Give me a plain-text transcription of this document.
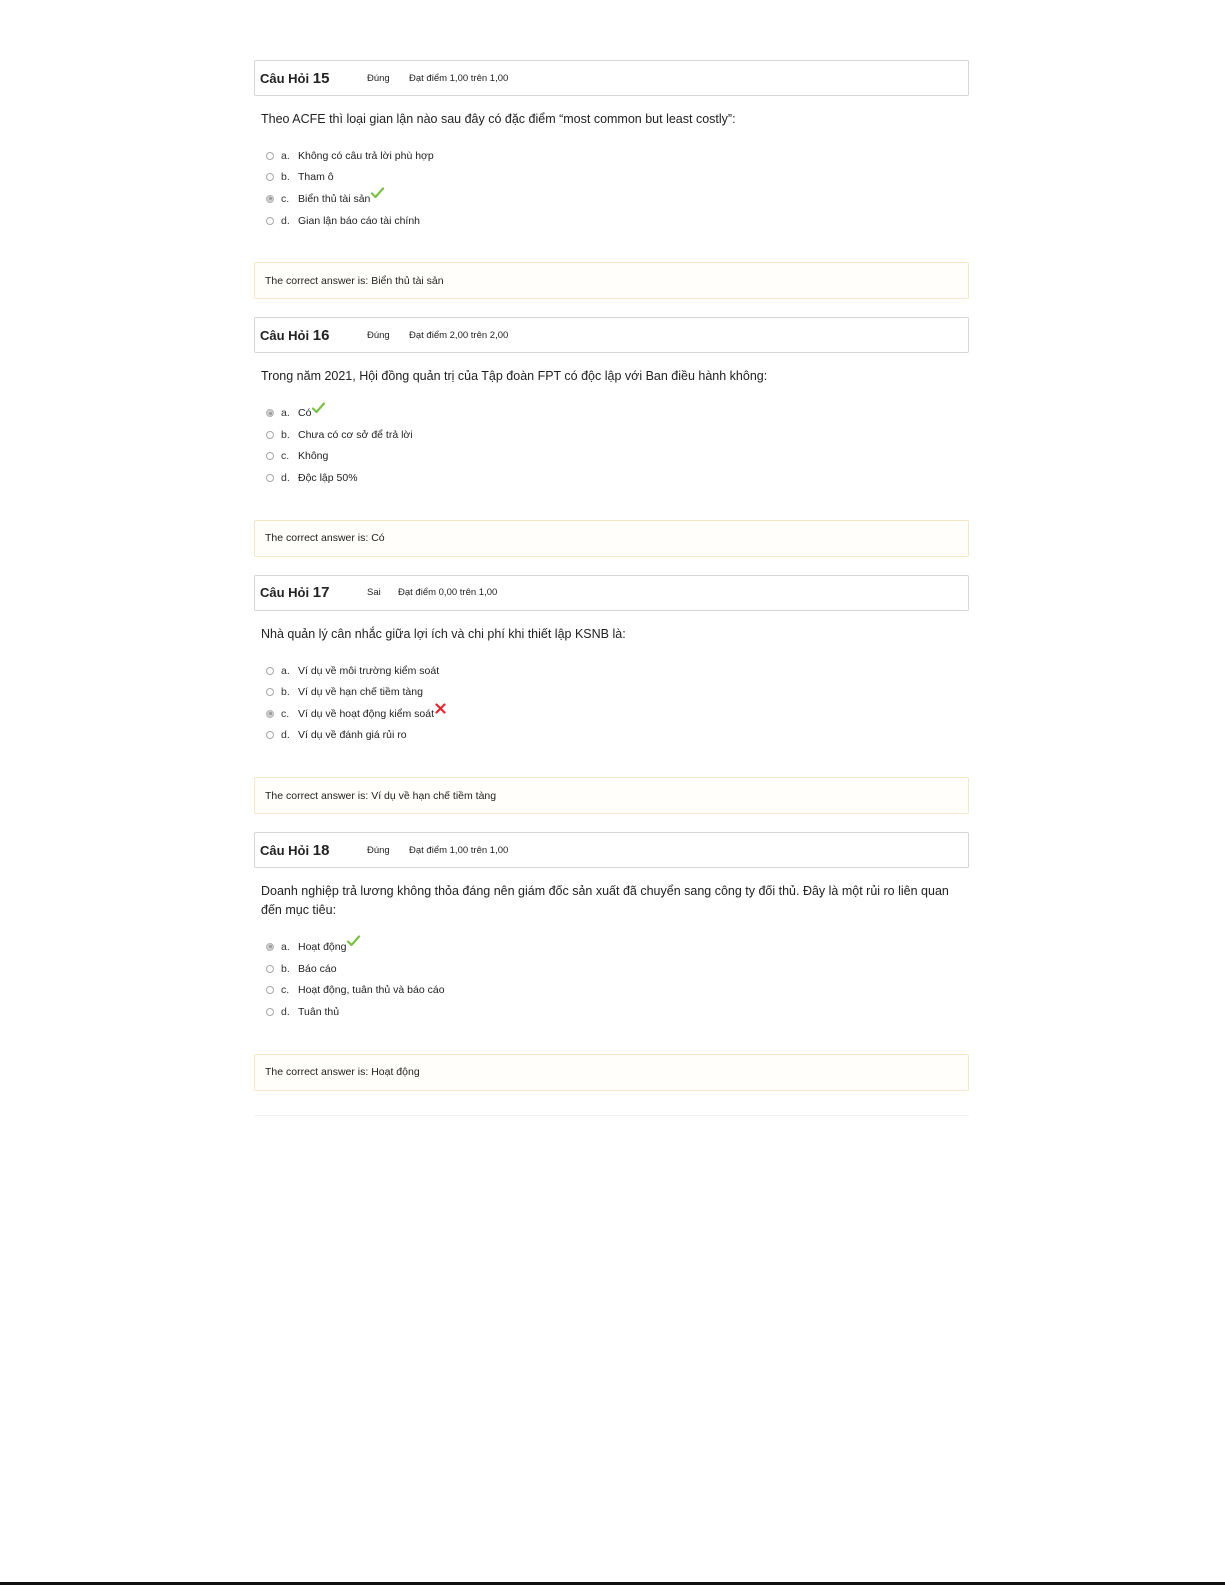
Câu Hỏi 15	Đúng	Đạt điểm 1,00 trên 1,00
Theo ACFE thì loại gian lận nào sau đây có đặc điểm “most common but least costly”:
a. Không có câu trả lời phù hợp
b. Tham ô
c. Biển thủ tài sản
d. Gian lận báo cáo tài chính
The correct answer is: Biển thủ tài sản
Câu Hỏi 16	Đúng	Đạt điểm 2,00 trên 2,00
Trong năm 2021, Hội đồng quản trị của Tập đoàn FPT có độc lập với Ban điều hành không:
a. Có
b. Chưa có cơ sở để trả lời
c. Không
d. Độc lập 50%
The correct answer is: Có
Câu Hỏi 17	Sai	Đạt điểm 0,00 trên 1,00
Nhà quản lý cân nhắc giữa lợi ích và chi phí khi thiết lập KSNB là:
a. Ví dụ về môi trường kiểm soát
b. Ví dụ về hạn chế tiềm tàng
c. Ví dụ về hoạt động kiểm soát
d. Ví dụ về đánh giá rủi ro
The correct answer is: Ví dụ về hạn chế tiềm tàng
Câu Hỏi 18	Đúng	Đạt điểm 1,00 trên 1,00
Doanh nghiệp trả lương không thỏa đáng nên giám đốc sản xuất đã chuyển sang công ty đối thủ. Đây là một rủi ro liên quan đến mục tiêu:
a. Hoạt động
b. Báo cáo
c. Hoạt động, tuân thủ và báo cáo
d. Tuân thủ
The correct answer is: Hoạt động
